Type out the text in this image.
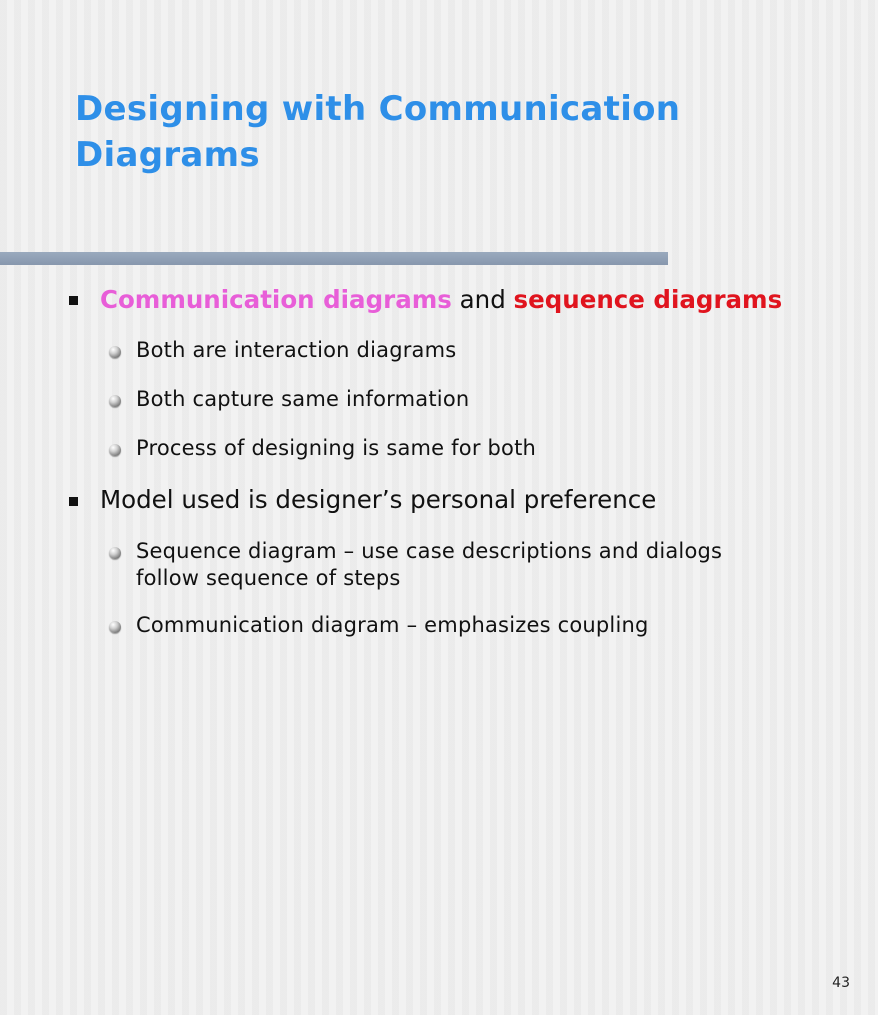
Designing with Communication
Diagrams
Communication diagrams and sequence diagrams
Both are interaction diagrams
Both capture same information
Process of designing is same for both
Model used is designer’s personal preference
Sequence diagram – use case descriptions and dialogs
follow sequence of steps
Communication diagram – emphasizes coupling
43
